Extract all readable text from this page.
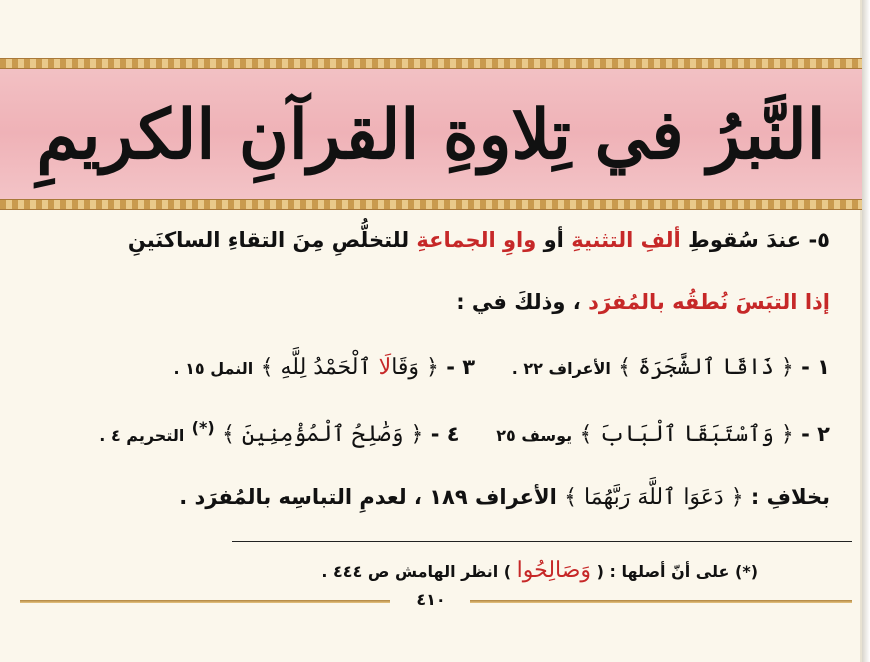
النَّبرُ في تِلاوةِ القرآنِ الكريمِ
٥- عندَ سُقوطِ ألفِ التثنيةِ أو واوِ الجماعةِ للتخلُّصِ مِنَ التقاءِ الساكنَينِ
إذا التبَسَ نُطقُه بالمُفرَد ، وذلكَ في :
١ - ﴿ ذَاقَا ٱلشَّجَرَةَ ﴾ الأعراف ٢٢ .  ٣ - ﴿ وَقَالَا ٱلْحَمْدُ لِلَّهِ ﴾ النمل ١٥ .
٢ - ﴿ وَٱسْتَبَقَا ٱلْبَابَ ﴾ يوسف ٢٥  ٤ - ﴿ وَصَٰلِحُ ٱلْمُؤْمِنِينَ ﴾ (*) التحريم ٤ .
بخلافِ : ﴿ دَعَوَا ٱللَّهَ رَبَّهُمَا ﴾ الأعراف ١٨٩ ، لعدمِ التباسِه بالمُفرَد .
(*) على أنّ أصلها : ( وَصَالِحُوا ) انظر الهامش ص ٤٤٤ .
٤١٠
